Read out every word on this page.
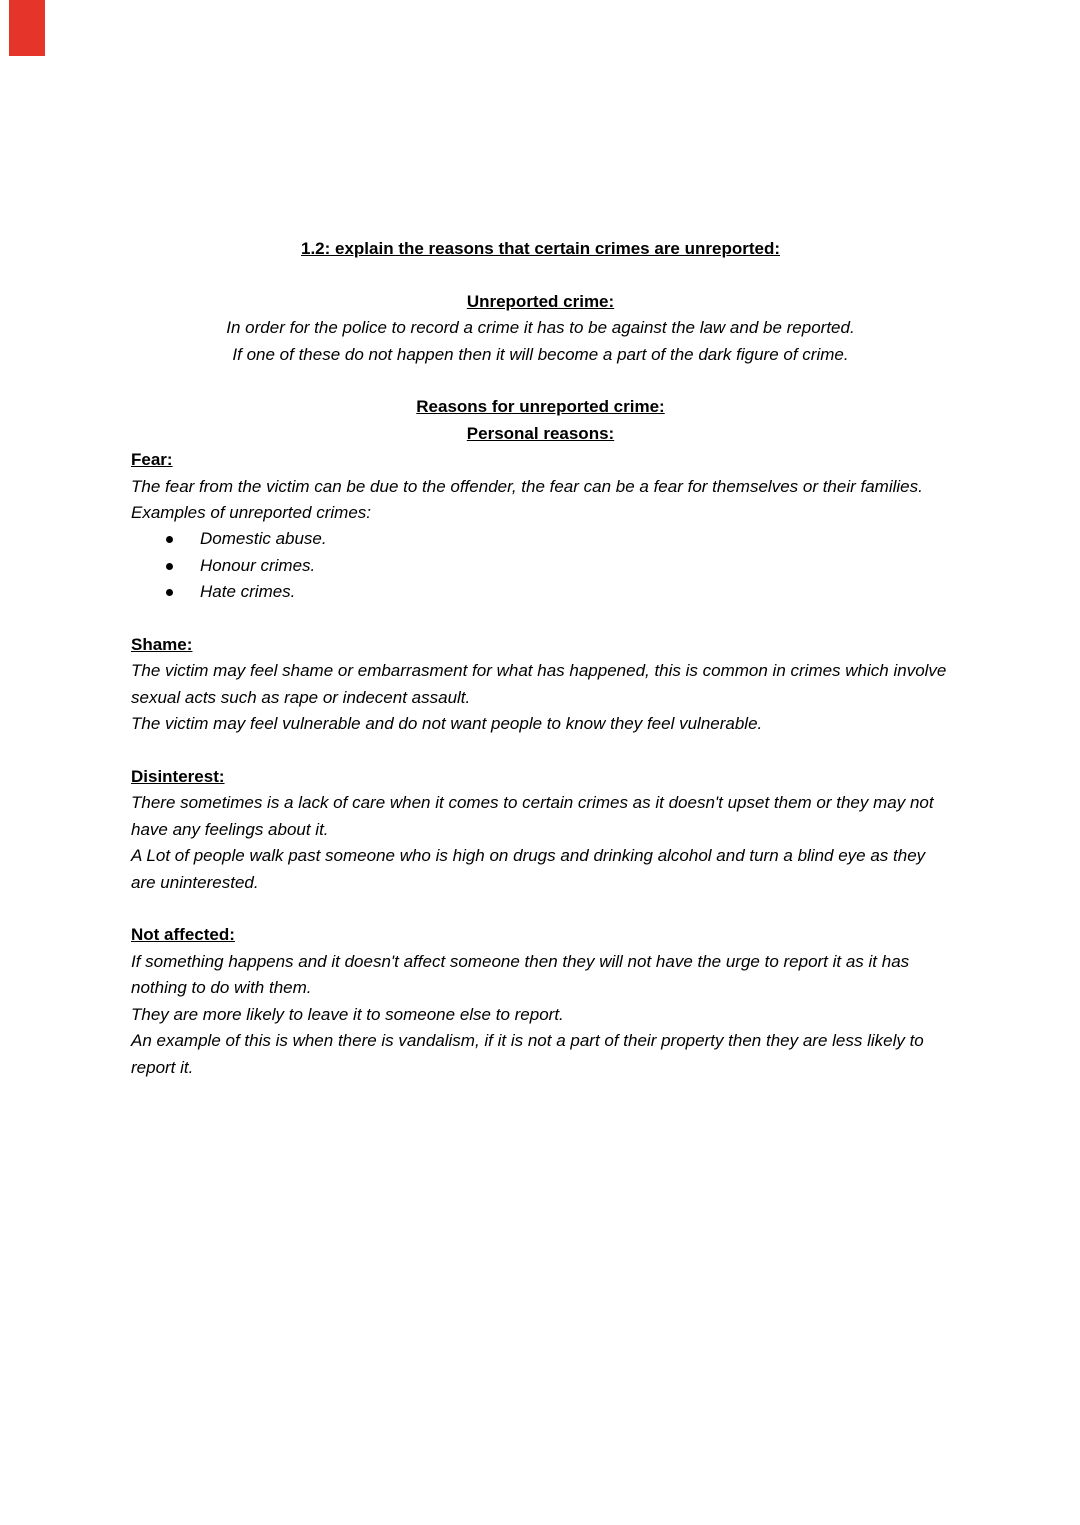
1.2: explain the reasons that certain crimes are unreported:
Unreported crime:

In order for the police to record a crime it has to be against the law and be reported.

If one of these do not happen then it will become a part of the dark figure of crime.

Reasons for unreported crime:
Personal reasons:
Fear:

The fear from the victim can be due to the offender, the fear can be a fear for themselves or their families.

Examples of unreported crimes:

Domestic abuse.
Honour crimes.
Hate crimes.
Shame:

The victim may feel shame or embarrasment for what has happened, this is common in crimes which involve sexual acts such as rape or indecent assault.

The victim may feel vulnerable and do not want people to know they feel vulnerable.

Disinterest:

There sometimes is a lack of care when it comes to certain crimes as it doesn't upset them or they may not have any feelings about it.

A Lot of people walk past someone who is high on drugs and drinking alcohol and turn a blind eye as they are uninterested.

Not affected:

If something happens and it doesn't affect someone then they will not have the urge to report it as it has nothing to do with them.

They are more likely to leave it to someone else to report.

An example of this is when there is vandalism, if it is not a part of their property then they are less likely to report it.
